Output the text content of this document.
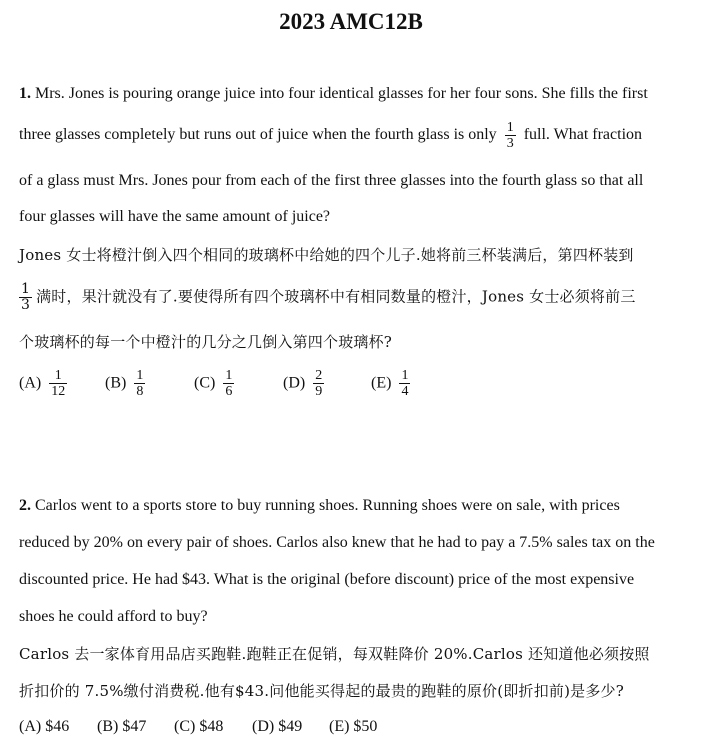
2023 AMC12B
1. Mrs. Jones is pouring orange juice into four identical glasses for her four sons. She fills the first
three glasses completely but runs out of juice when the fourth glass is only $\frac{1}{3}$ full. What fraction
of a glass must Mrs. Jones pour from each of the first three glasses into the fourth glass so that all
four glasses will have the same amount of juice?
Jones 女士将橙汁倒入四个相同的玻璃杯中给她的四个儿子.她将前三杯装满后，第四杯装到
$\frac{1}{3}$ 满时，果汁就没有了.要使得所有四个玻璃杯中有相同数量的橙汁，Jones 女士必须将前三
个玻璃杯的每一个中橙汁的几分之几倒入第四个玻璃杯?
$(A) \frac{1}{12} (B) \frac{1}{8}$	$(C) \frac{1}{6}$	$(D) \frac{2}{9}$	$(E) \frac{1}{4}$
2. Carlos went to a sports store to buy running shoes. Running shoes were on sale, with prices
reduced by 20% on every pair of shoes. Carlos also knew that he had to pay a 7.5% sales tax on the
discounted price. He had $43. What is the original (before discount) price of the most expensive
shoes he could afford to buy?
Carlos 去一家体育用品店买跑鞋.跑鞋正在促销，每双鞋降价 20%.Carlos 还知道他必须按照
折扣价的 7.5%缴付消费税.他有$43.问他能买得起的最贵的跑鞋的原价(即折扣前)是多少?
(A) $46 (B) $47 (C) $48 (D) $49 (E) $50
